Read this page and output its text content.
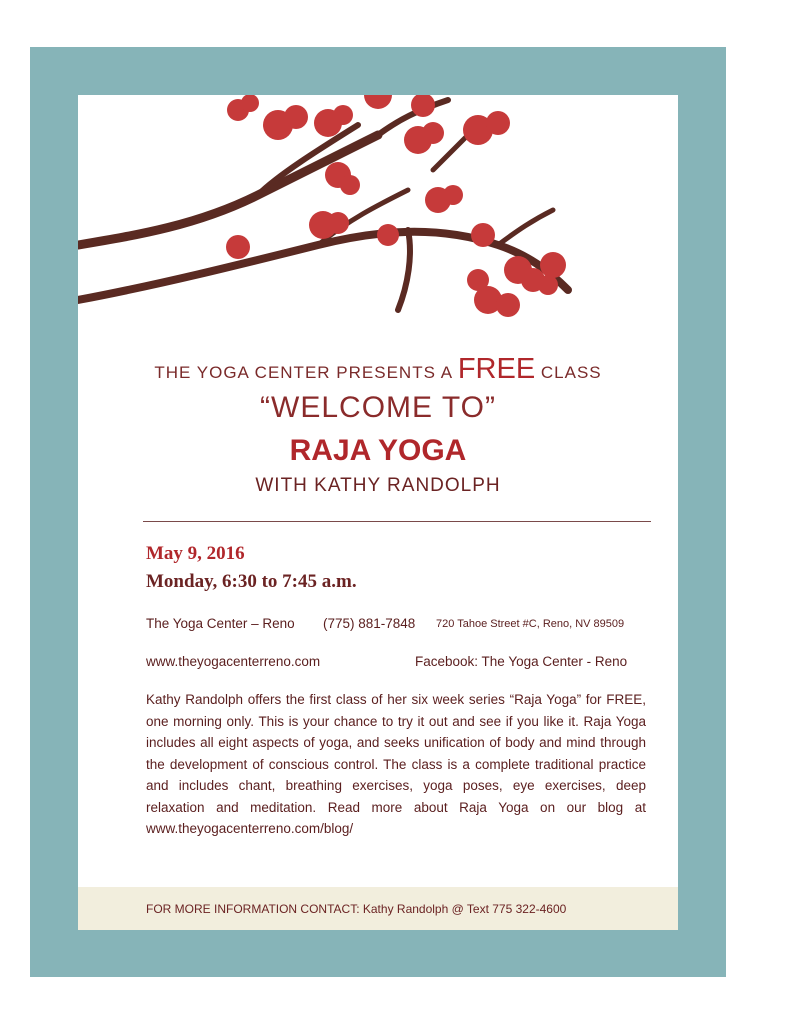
THE YOGA CENTER PRESENTS A FREE CLASS
“WELCOME TO”
RAJA YOGA
WITH KATHY RANDOLPH
May 9, 2016
Monday, 6:30 to 7:45 a.m.
The Yoga Center – Reno (775) 881-7848 720 Tahoe Street #C, Reno, NV 89509
www.theyogacenterreno.com	Facebook: The Yoga Center - Reno

Kathy Randolph offers the first class of her six week series “Raja Yoga” for FREE, one morning only. This is your chance to try it out and see if you like it. Raja Yoga includes all eight aspects of yoga, and seeks unification of body and mind through the development of conscious control. The class is a complete traditional practice and includes chant, breathing exercises, yoga poses, eye exercises, deep relaxation and meditation. Read more about Raja Yoga on our blog at www.theyogacenterreno.com/blog/

FOR MORE INFORMATION CONTACT: Kathy Randolph @ Text 775 322-4600
